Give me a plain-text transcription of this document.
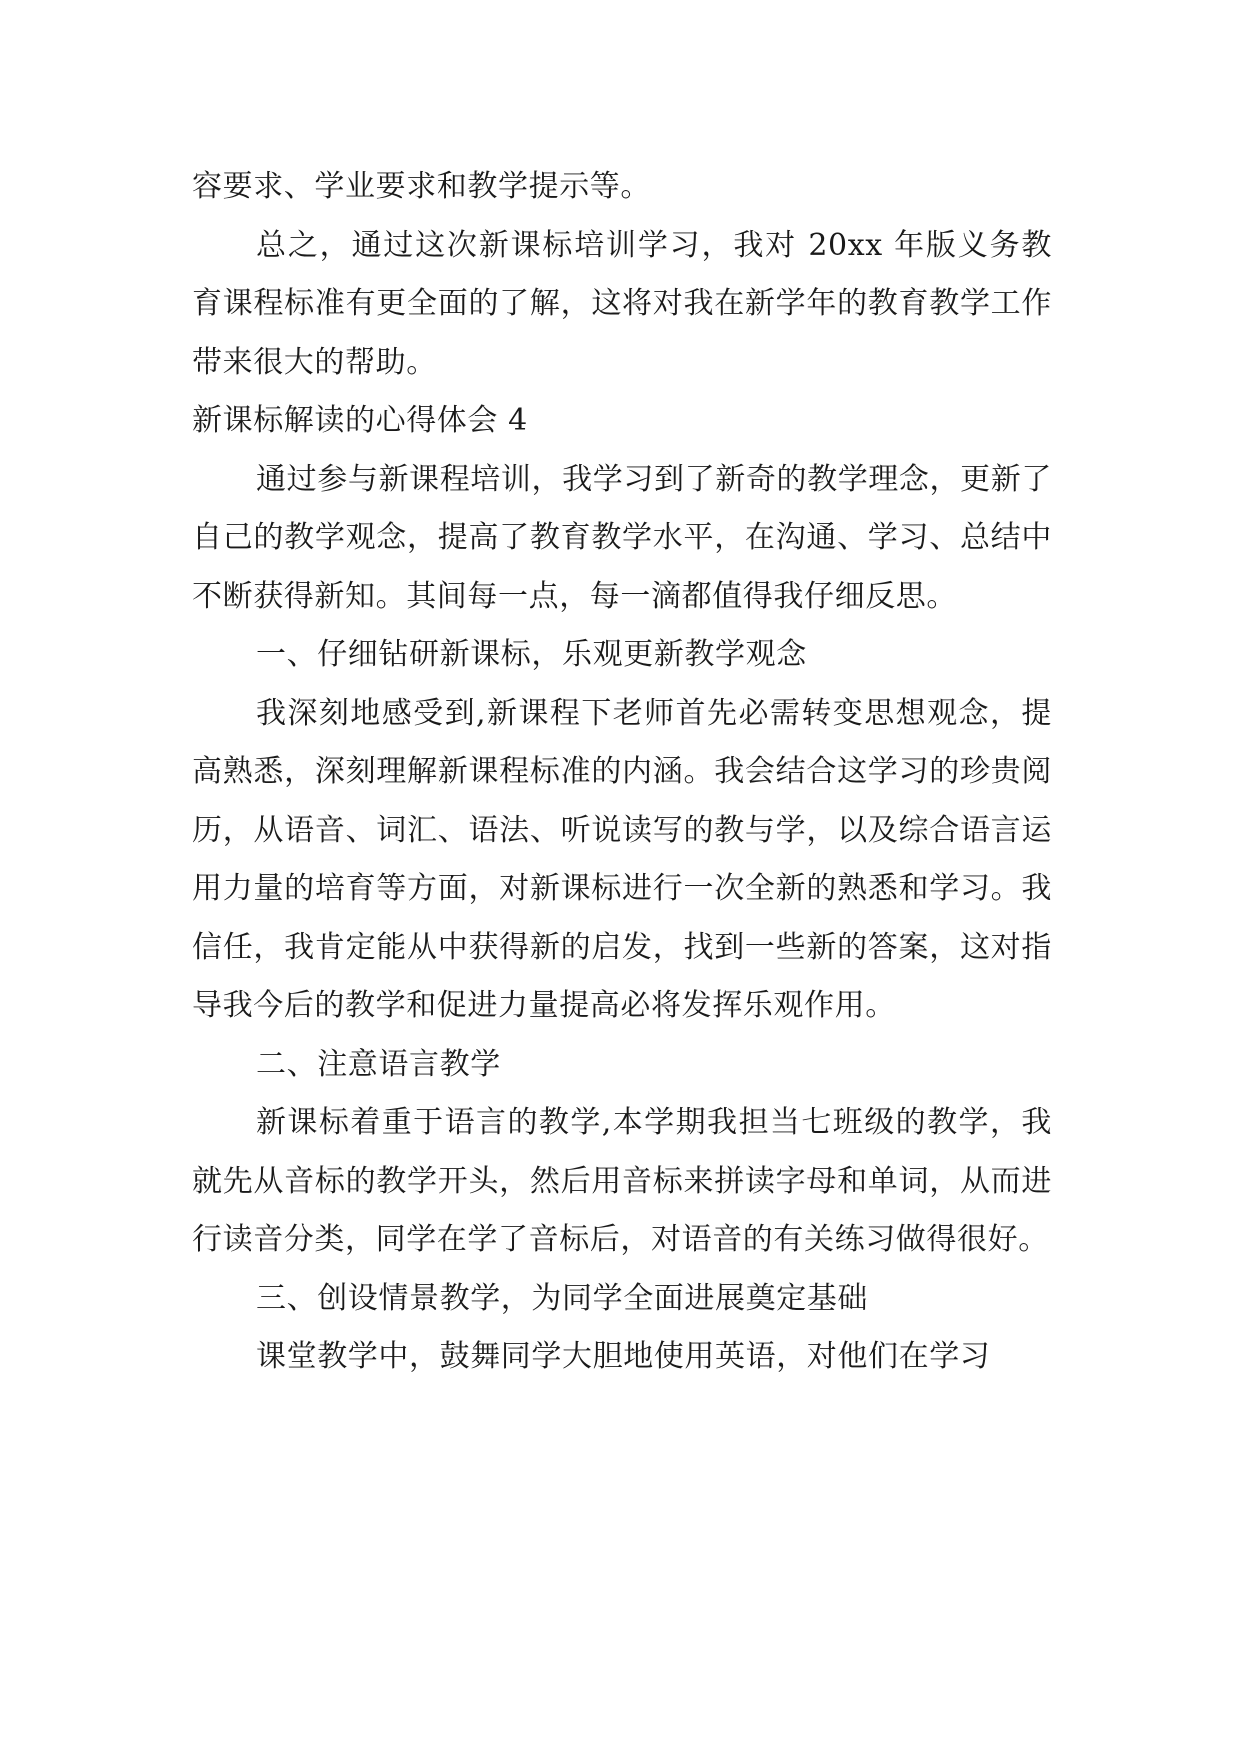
容要求、学业要求和教学提示等。

总之，通过这次新课标培训学习，我对 20xx 年版义务教育课程标准有更全面的了解，这将对我在新学年的教育教学工作带来很大的帮助。

新课标解读的心得体会 4

通过参与新课程培训，我学习到了新奇的教学理念，更新了自己的教学观念，提高了教育教学水平，在沟通、学习、总结中不断获得新知。其间每一点，每一滴都值得我仔细反思。

一、仔细钻研新课标，乐观更新教学观念

我深刻地感受到,新课程下老师首先必需转变思想观念，提高熟悉，深刻理解新课程标准的内涵。我会结合这学习的珍贵阅历，从语音、词汇、语法、听说读写的教与学，以及综合语言运用力量的培育等方面，对新课标进行一次全新的熟悉和学习。我信任，我肯定能从中获得新的启发，找到一些新的答案，这对指导我今后的教学和促进力量提高必将发挥乐观作用。

二、注意语言教学

新课标着重于语言的教学,本学期我担当七班级的教学，我就先从音标的教学开头，然后用音标来拼读字母和单词，从而进行读音分类，同学在学了音标后，对语音的有关练习做得很好。

三、创设情景教学，为同学全面进展奠定基础

课堂教学中，鼓舞同学大胆地使用英语，对他们在学习
